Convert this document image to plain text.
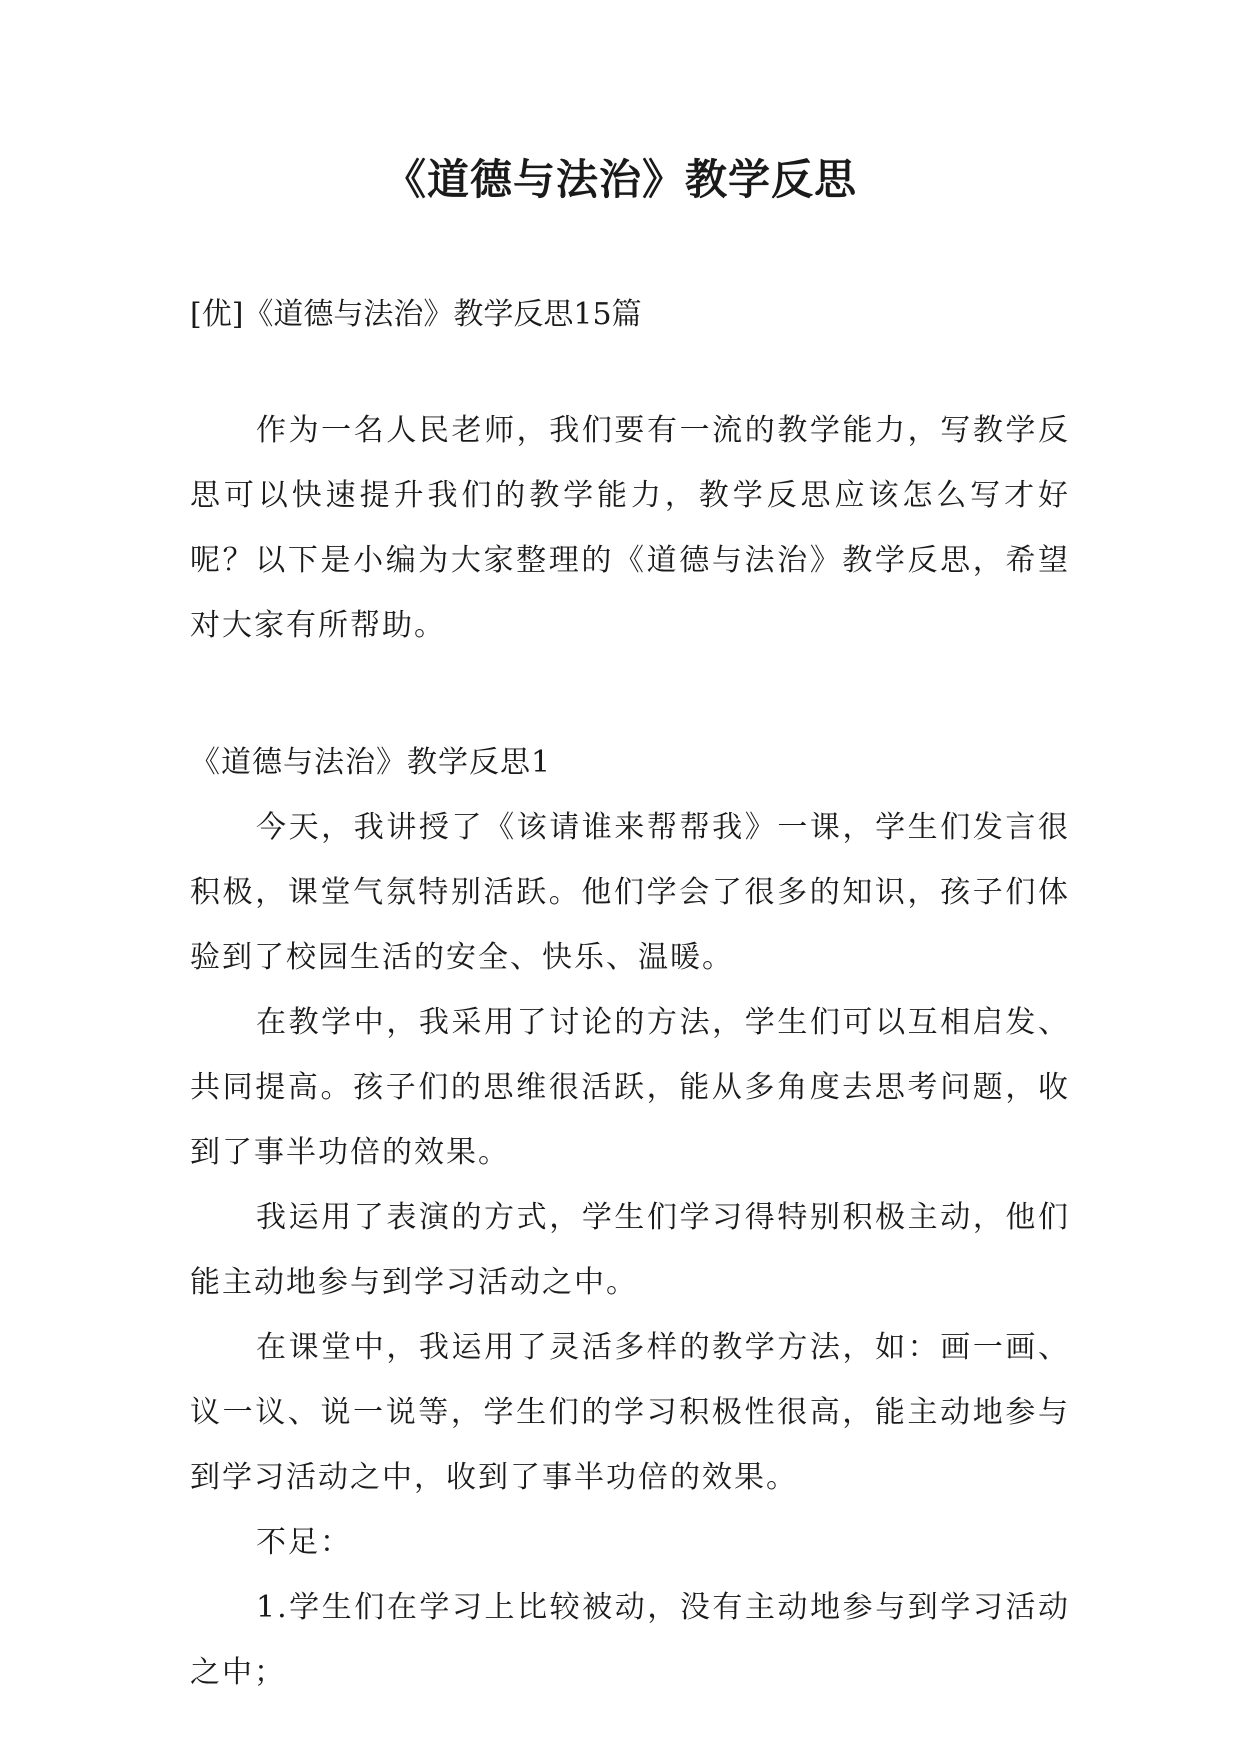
《道德与法治》教学反思
[优]《道德与法治》教学反思15篇

作为一名人民老师，我们要有一流的教学能力，写教学反思可以快速提升我们的教学能力，教学反思应该怎么写才好呢？以下是小编为大家整理的《道德与法治》教学反思，希望对大家有所帮助。

《道德与法治》教学反思1

今天，我讲授了《该请谁来帮帮我》一课，学生们发言很积极，课堂气氛特别活跃。他们学会了很多的知识，孩子们体验到了校园生活的安全、快乐、温暖。

在教学中，我采用了讨论的方法，学生们可以互相启发、共同提高。孩子们的思维很活跃，能从多角度去思考问题，收到了事半功倍的效果。

我运用了表演的方式，学生们学习得特别积极主动，他们能主动地参与到学习活动之中。

在课堂中，我运用了灵活多样的教学方法，如：画一画、议一议、说一说等，学生们的学习积极性很高，能主动地参与到学习活动之中，收到了事半功倍的效果。

不足：

1.学生们在学习上比较被动，没有主动地参与到学习活动之中；
